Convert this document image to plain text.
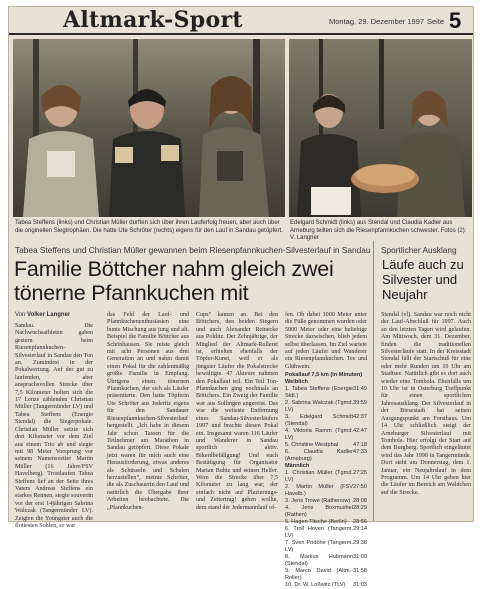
Altmark-Sport	Montag, 29. Dezember 1997 Seite 5
Tabea Steffens (links) und Christian Müller durften sich über ihren Lauferfolg freuen, aber auch über die originellen Siegtrophäen. Die hatte Ute Schröter (rechts) eigens für den Lauf in Sandau getöpfert.
Edelgard Schmidt (links) aus Stendal und Claudia Kadler aus Arneburg teilten sich die Riesenpfannkuchen schwester. Fotos (2): V. Langner
Tabea Steffens und Christian Müller gewannen beim Riesenpfannkuchen-Silvesterlauf in Sandau Sportlicher Ausklang
Familie Böttcher nahm gleich zwei tönerne Pfannkuchen mit
Läufe auch zu Silvester und Neujahr
Von Volker Langner

Sandau. Die Nachwuchsathleten gaben gestern beim Riesenpfannkuchen-Silvesterlauf in Sandau den Ton an. Zumindest in der Pokalwertung. Auf der gut zu laufenden, aber anspruchsvollen Strecke über 7,5 Kilometer holten sich die 17 Lenze zählenden Christian Müller (Tangermünder LV) und Tabea Steffens (Energie Stendal) die Siegerpokale. Christian Müller setzte sich drei Kilometer vor dem Ziel aus einem Trio ab und siegte mit 98 Meter Vorsprung vor seinem Namensvetter Martin Müller (16 Jahre/FSV Havelberg). Trostlaufen Tabea Steffens lief an der Seite ihres Vaters Andreas Steffens ein starkes Rennen, siegte souverän vor der erst 14jährigen Sabrina Walczak (Tangermünder LV). Zeigten die Youngster auch die flottesten Sohlen, so war

das Feld der Lauf- und Pfannkuchenenthusiasten eine bunte Mischung aus jung und alt. Beispiel die Familie Böttcher aus Schönhausen. Sie reiste gleich mit acht Personen aus drei Generation an und nahm damit einen Pokal für die zahlenmäßig größte Familie in Empfang. Übrigens einen tönernen Pfannkuchen, der sich als Läufer präsentierte. Den hatte Töpferin Ute Schröter aus Jederitz eigens für den Sandauer Riesenpfannkuchen-Silvesterlauf hergestellt. „Ich habe in diesem Jahr schon Tassen für die Teilnehmer am Marathon in Sandau getöpfert. Diese Pokale jetzt waren für mich auch eine Herausforderung, etwas anderes als Schüsseln und Schalen herzustellen“, meinte Schröter, die als Zuschauerin den Lauf und natürlich die Übergabe ihrer Arbeiten beobachtete. Die „Pfannkuchen-

Cups“ kamen an. Bei den Böttchers, den beiden Siegern und auch Alexander Reinecke aus Polditz. Der Zehnjährige, der Mitglied der Altmark-Rolleret ist, erhielten ebenfalls der Töpfer-Kunst, weil er als jüngster Läufer die Pokalstrecke bewältigte. 47 Akteure nahmen den Pokallauf teil. Ein Teil Ton-Pfannkuchen ging nochmals an Böttchers. Ein Zweig der Familie war aus Sollingen angereist. Das war die weiteste Entfernung eines Sandau-Silvesterläufers 1997 und brachte diesen Pokal ein. Insgesamt waren 116 Läufer und Wanderer in Sandau sportlich aktiv. Bikerdbefällgung! Und euch Bestätigung für Organisator Marian Buhtz und seinen Helfer. Wem die Strecke über 7,5 Kilometer zu lang war, der einfach nicht auf Plazierungs- und Zeitertrag! gehen wollte, dem stand der Jedermannlauf of-

fen. Ob dabei 1000 Meter unter die Füße genommen wurden oder 5000 Meter oder eine beliebige Strecke dazwischen, blieb jedem selbst überlassen. Im Ziel wartete auf jeden Läufer und Wanderer ein Riesenpfannkuchen. Tee und Glühwein.

Pokallauf 7,5 km (in Minuten)
Weiblich
1. Tabea Steffens (Energie Stdl.)
31:49
2. Sabrina Walczak (Tgmd. LV)
39:59
3. Edelgard Schmidt (Stendal)
42:37
4. Viktoria Ramm (Tgmd. LV)
42:47
5. Christine Westphal	47:18
6. Claudia Kadler (Arneburg)
47:33
Männlich
1. Christian Müller (Tgmd. LV)
27:25
2. Martin Müller (FSV Havelb.)
27:50
3. Jens Trowe (Rathenow) 28:08
4. Jens Boxmushel (Rathen)
28:29
5. Hagen Titsche (Berlin) 28:56
6. Troll Hoven (Tangerm. LV)
29:14
7. Sven Pridöhe (Tangerm. LV)
29:38
8. Markus Hubmann (Stendal)
31:09
9. Marco David (Altm.-Roller)
31:58
10. Dr. W. Loßwitz (TLV) 31:03

Stendal (vl). Sandau war noch nicht der Lauf-Abschluß für 1997. Auch an den letzten Tagen wird gelaufen. Am Mittwoch, dem 31. Dezember, finden die traditionellen Silvesterläufe statt. In der Kreisstadt Stendal fällt der Startschuß für eine oder mehr Runden um 10 Uhr am Stadtsee. Natürlich gibt es dort auch wieder eine Tombola. Ebenfalls um 10 Uhr ist in Osterburg Treffpunkt für einen sportlichen Jahresausklang. Der Silvesterlauf in der Biesestadt hat seinen Ausgangspunkt am Forsthaus. Um 14 Uhr schließlich steigt der Arneburger Silvesterlauf mit Tombola. Hier erfolgt der Start auf dem Burgberg. Sportlich eingeläutet wird das Jahr 1998 in Tangermünde. Dort steht am Donnerstag, dem 1. Januar, ein Neujahrslauf in dem Programm. Um 14 Uhr geben hier die Läufer im Bereich am Waldchen auf die Strecke.
